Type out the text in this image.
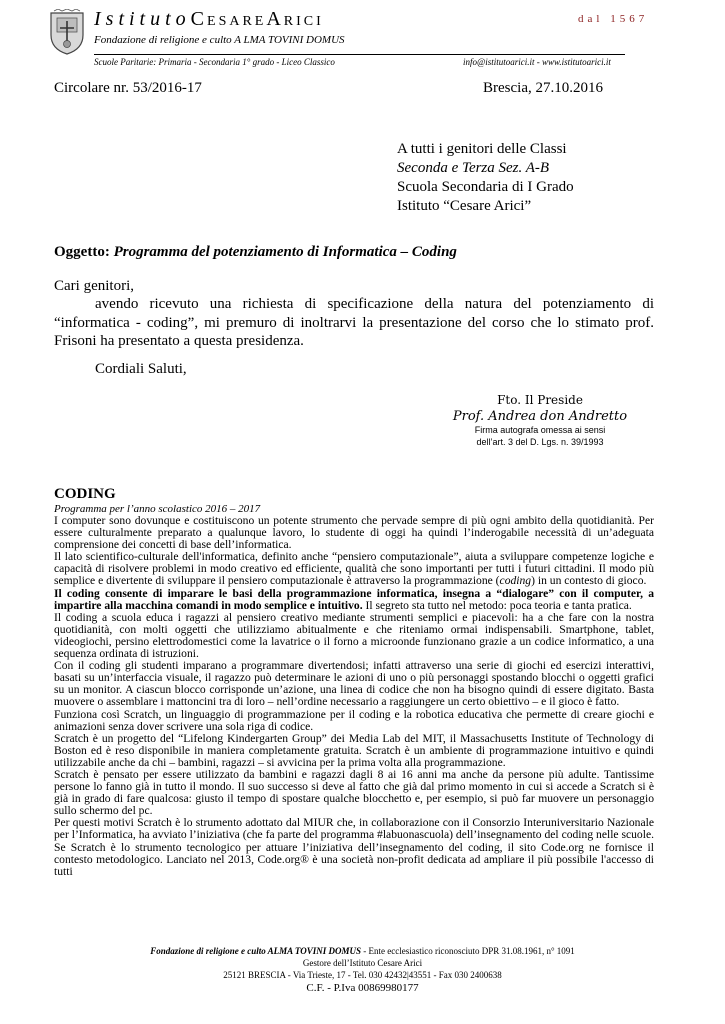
IstitutoCesareArici	dal 1567
Fondazione di religione e culto A LMA TOVINI DOMUS
Scuole Paritarie: Primaria - Secondaria 1° grado - Liceo Classico	info@istitutoarici.it - www.istitutoarici.it
Circolare nr. 53/2016-17	Brescia, 27.10.2016
A tutti i genitori delle Classi
Seconda e Terza Sez. A-B
Scuola Secondaria di I Grado
Istituto “Cesare Arici”
Oggetto: Programma del potenziamento di Informatica – Coding

Cari genitori,

avendo ricevuto una richiesta di specificazione della natura del potenziamento di “informatica - coding”, mi premuro di inoltrarvi la presentazione del corso che lo stimato prof. Frisoni ha presentato a questa presidenza.

Cordiali Saluti,
Fto. Il Preside
Prof. Andrea don Andretto
Firma autografa omessa ai sensi
dell’art. 3 del D. Lgs. n. 39/1993
CODING
Programma per l’anno scolastico 2016 – 2017

I computer sono dovunque e costituiscono un potente strumento che pervade sempre di più ogni ambito della quotidianità. Per essere culturalmente preparato a qualunque lavoro, lo studente di oggi ha quindi l’inderogabile necessità di un’adeguata comprensione dei concetti di base dell’informatica.

Il lato scientifico-culturale dell'informatica, definito anche “pensiero computazionale”, aiuta a sviluppare competenze logiche e capacità di risolvere problemi in modo creativo ed efficiente, qualità che sono importanti per tutti i futuri cittadini. Il modo più semplice e divertente di sviluppare il pensiero computazionale è attraverso la programmazione (coding) in un contesto di gioco.

Il coding consente di imparare le basi della programmazione informatica, insegna a “dialogare” con il computer, a impartire alla macchina comandi in modo semplice e intuitivo. Il segreto sta tutto nel metodo: poca teoria e tanta pratica.

Il coding a scuola educa i ragazzi al pensiero creativo mediante strumenti semplici e piacevoli: ha a che fare con la nostra quotidianità, con molti oggetti che utilizziamo abitualmente e che riteniamo ormai indispensabili. Smartphone, tablet, videogiochi, persino elettrodomestici come la lavatrice o il forno a microonde funzionano grazie a un codice informatico, a una sequenza ordinata di istruzioni.

Con il coding gli studenti imparano a programmare divertendosi; infatti attraverso una serie di giochi ed esercizi interattivi, basati su un’interfaccia visuale, il ragazzo può determinare le azioni di uno o più personaggi spostando blocchi o oggetti grafici su un monitor. A ciascun blocco corrisponde un’azione, una linea di codice che non ha bisogno quindi di essere digitato. Basta muovere o assemblare i mattoncini tra di loro – nell’ordine necessario a raggiungere un certo obiettivo – e il gioco è fatto.

Funziona così Scratch, un linguaggio di programmazione per il coding e la robotica educativa che permette di creare giochi e animazioni senza dover scrivere una sola riga di codice.

Scratch è un progetto del “Lifelong Kindergarten Group” dei Media Lab del MIT, il Massachusetts Institute of Technology di Boston ed è reso disponibile in maniera completamente gratuita. Scratch è un ambiente di programmazione intuitivo e quindi utilizzabile anche da chi – bambini, ragazzi – si avvicina per la prima volta alla programmazione.

Scratch è pensato per essere utilizzato da bambini e ragazzi dagli 8 ai 16 anni ma anche da persone più adulte. Tantissime persone lo fanno già in tutto il mondo. Il suo successo si deve al fatto che già dal primo momento in cui si accede a Scratch si è già in grado di fare qualcosa: giusto il tempo di spostare qualche blocchetto e, per esempio, si può far muovere un personaggio sullo schermo del pc.

Per questi motivi Scratch è lo strumento adottato dal MIUR che, in collaborazione con il Consorzio Interuniversitario Nazionale per l’Informatica, ha avviato l’iniziativa (che fa parte del programma #labuonascuola) dell’insegnamento del coding nelle scuole. Se Scratch è lo strumento tecnologico per attuare l’iniziativa dell’insegnamento del coding, il sito Code.org ne fornisce il contesto metodologico. Lanciato nel 2013, Code.org® è una società non-profit dedicata ad ampliare il più possibile l'accesso di tutti

Fondazione di religione e culto ALMA TOVINI DOMUS - Ente ecclesiastico riconosciuto DPR 31.08.1961, n° 1091
Gestore dell’Istituto Cesare Arici
25121 BRESCIA - Via Trieste, 17 - Tel. 030 42432|43551 - Fax 030 2400638
C.F. - P.Iva 00869980177
